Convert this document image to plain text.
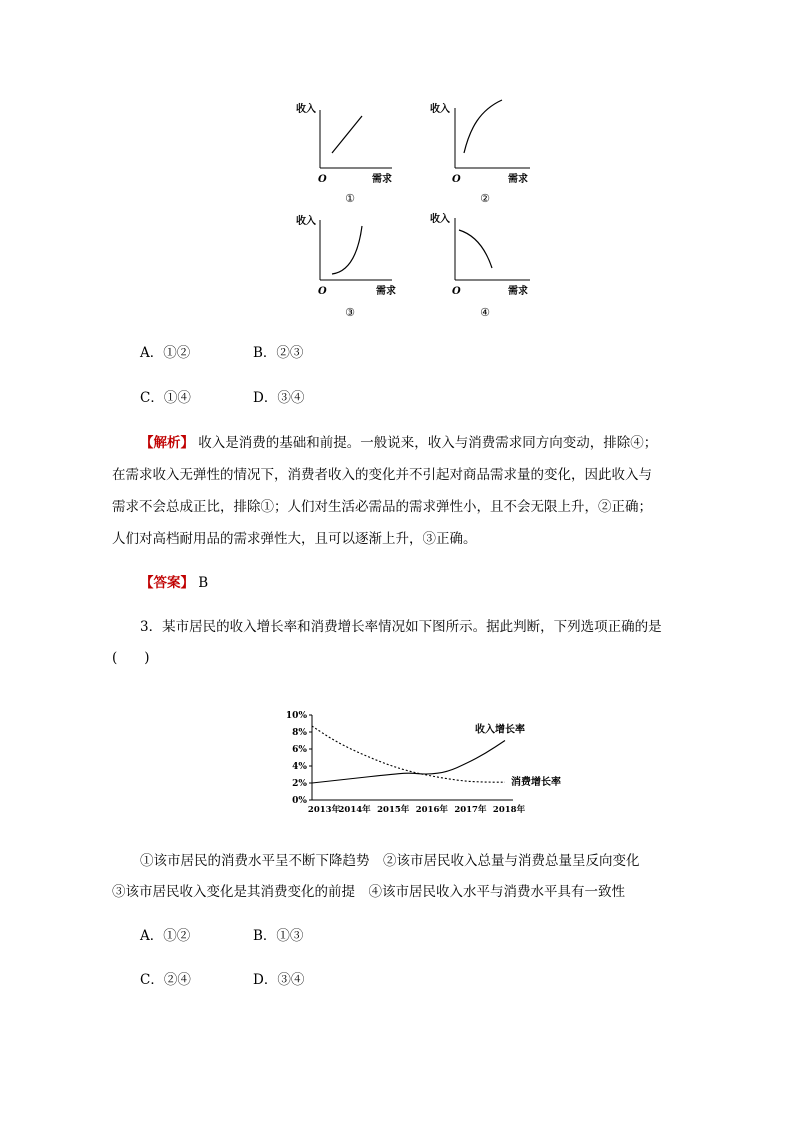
收入
O	需求
①
收入
O	需求
②
收入
O	需求
③
收入
O	需求
④
A．①②	B．②③
C．①④	D．③④
【解析】 收入是消费的基础和前提。一般说来，收入与消费需求同方向变动，排除④；
在需求收入无弹性的情况下，消费者收入的变化并不引起对商品需求量的变化，因此收入与
需求不会总成正比，排除①；人们对生活必需品的需求弹性小，且不会无限上升，②正确；
人们对高档耐用品的需求弹性大，且可以逐渐上升，③正确。
【答案】 B
3．某市居民的收入增长率和消费增长率情况如下图所示。据此判断，下列选项正确的是
(　　)
10%
8%
6%
4%
2%
0%
2013年
2014年 2015年 2016年 2017年 2018年
收入增长率
消费增长率
①该市居民的消费水平呈不断下降趋势　②该市居民收入总量与消费总量呈反向变化
③该市居民收入变化是其消费变化的前提　④该市居民收入水平与消费水平具有一致性
A．①②	B．①③
C．②④	D．③④
